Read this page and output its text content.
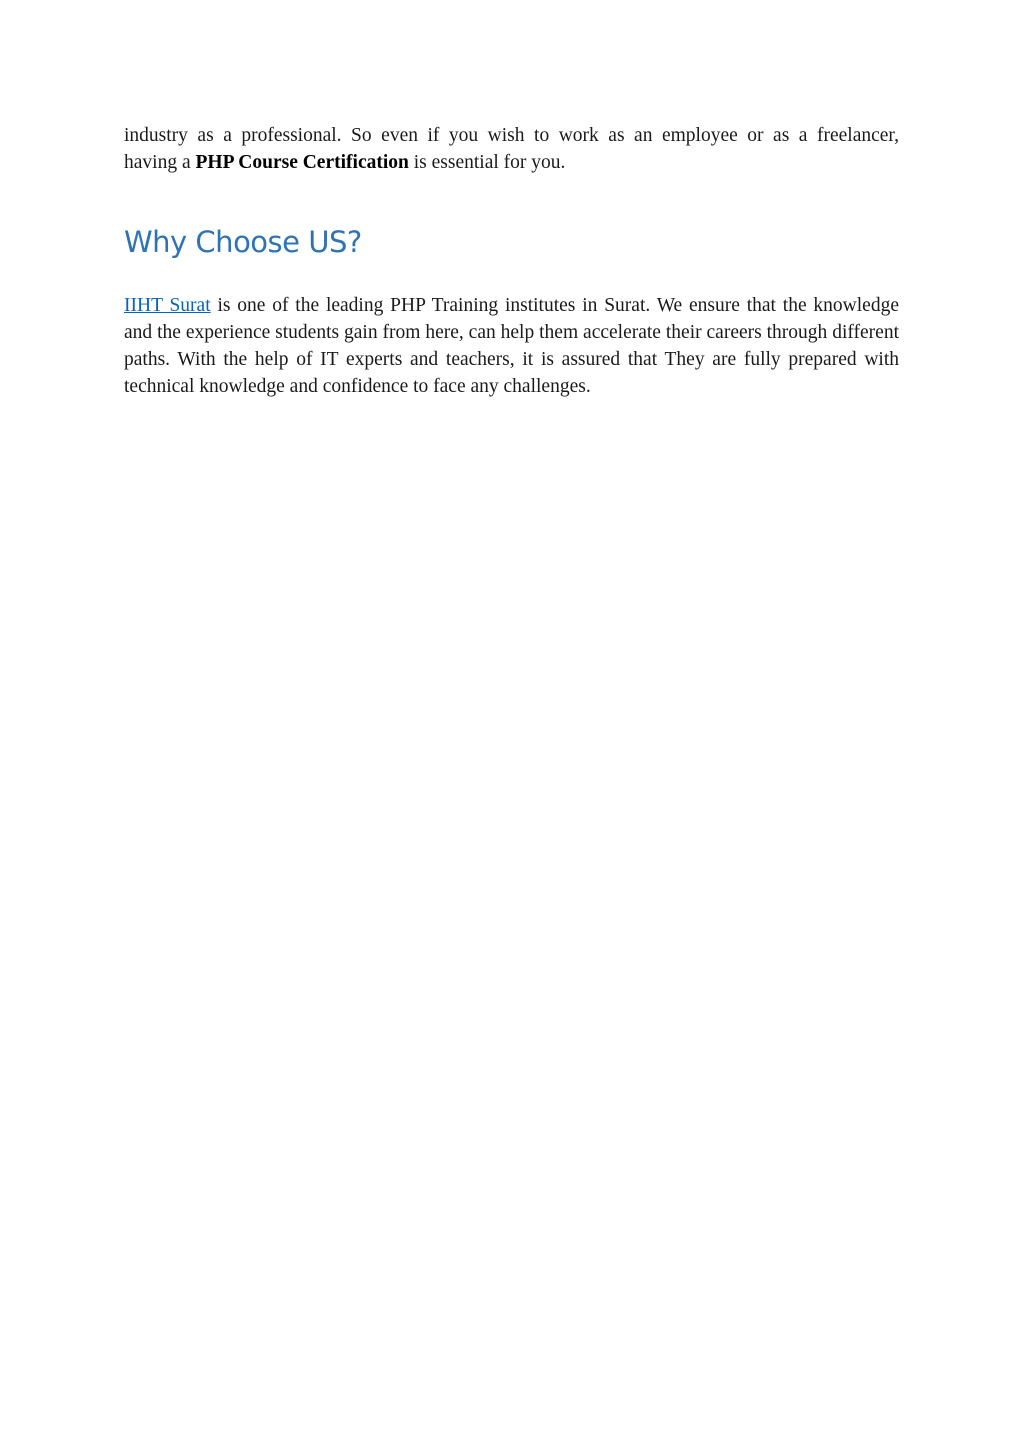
industry as a professional. So even if you wish to work as an employee or as a freelancer,
having a PHP Course Certification is essential for you.

Why Choose US?

IIHT Surat is one of the leading PHP Training institutes in Surat. We ensure that the knowledge and the experience students gain from here, can help them accelerate their careers through different paths. With the help of IT experts and teachers, it is assured that They are fully prepared with technical knowledge and confidence to face any challenges.
